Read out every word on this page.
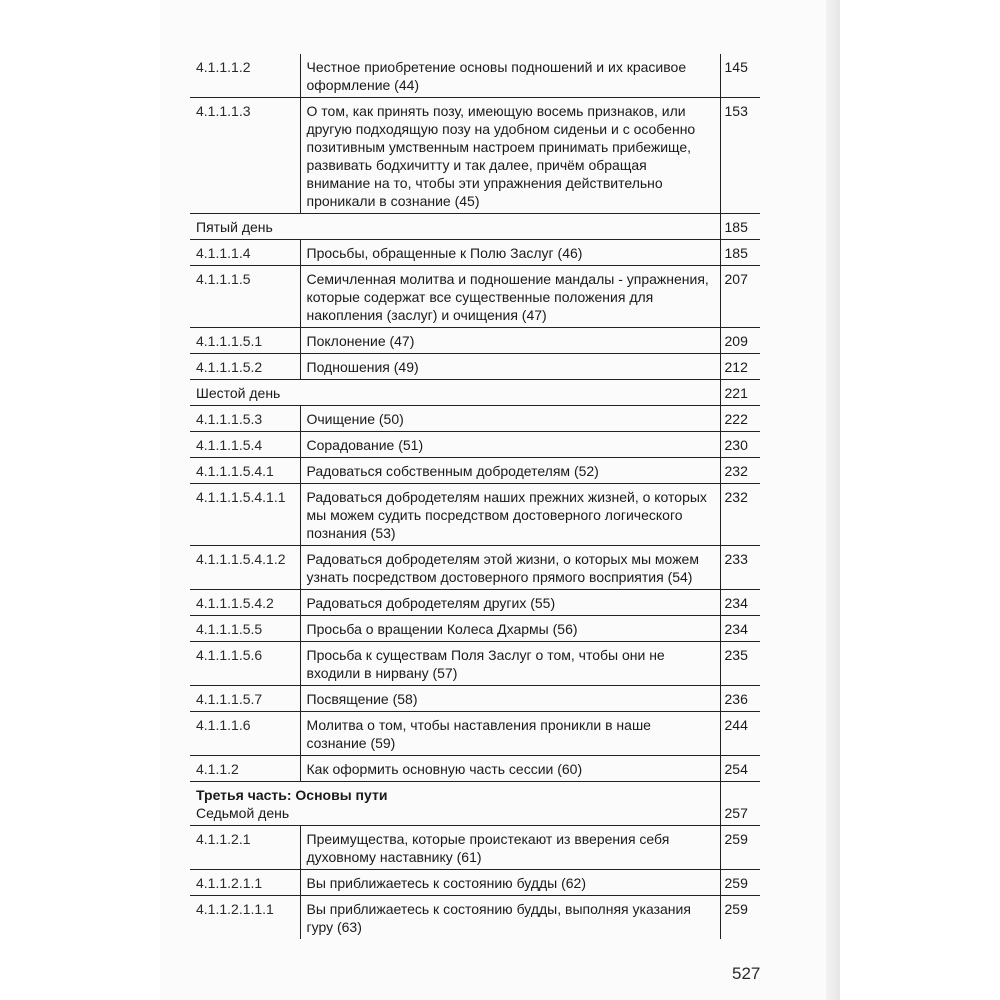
4.1.1.1.2	Честное приобретение основы подношений и их красивое оформление (44)	145
4.1.1.1.3	О том, как принять позу, имеющую восемь признаков, или другую подходящую позу на удобном сиденьи и с особенно позитивным умственным настроем принимать прибежище, развивать бодхичитту и так далее, причём обращая внимание на то, чтобы эти упражнения действительно проникали в сознание (45)	153

Пятый день		185
4.1.1.1.4	Просьбы, обращенные к Полю Заслуг (46)	185
4.1.1.1.5	Семичленная молитва и подношение мандалы - упражнения, которые содержат все существенные положения для накопления (заслуг) и очищения (47)	207
4.1.1.1.5.1	Поклонение (47)	209
4.1.1.1.5.2	Подношения (49)	212

Шестой день		221
4.1.1.1.5.3	Очищение (50)	222
4.1.1.1.5.4	Сорадование (51)	230
4.1.1.1.5.4.1	Радоваться собственным добродетелям (52)	232
4.1.1.1.5.4.1.1	Радоваться добродетелям наших прежних жизней, о которых мы можем судить посредством достоверного логического познания (53)	232
4.1.1.1.5.4.1.2	Радоваться добродетелям этой жизни, о которых мы можем узнать посредством достоверного прямого восприятия (54)	233
4.1.1.1.5.4.2	Радоваться добродетелям других (55)	234
4.1.1.1.5.5	Просьба о вращении Колеса Дхармы (56)	234
4.1.1.1.5.6	Просьба к существам Поля Заслуг о том, чтобы они не входили в нирвану (57)	235
4.1.1.1.5.7	Посвящение (58)	236
4.1.1.1.6	Молитва о том, чтобы наставления проникли в наше сознание (59)	244
4.1.1.2	Как оформить основную часть сессии (60)	254

Третья часть: Основы пути
Седьмой день		257
4.1.1.2.1	Преимущества, которые проистекают из вверения себя духовному наставнику (61)	259
4.1.1.2.1.1	Вы приближаетесь к состоянию будды (62)	259
4.1.1.2.1.1.1	Вы приближаетесь к состоянию будды, выполняя указания гуру (63)	259
527
